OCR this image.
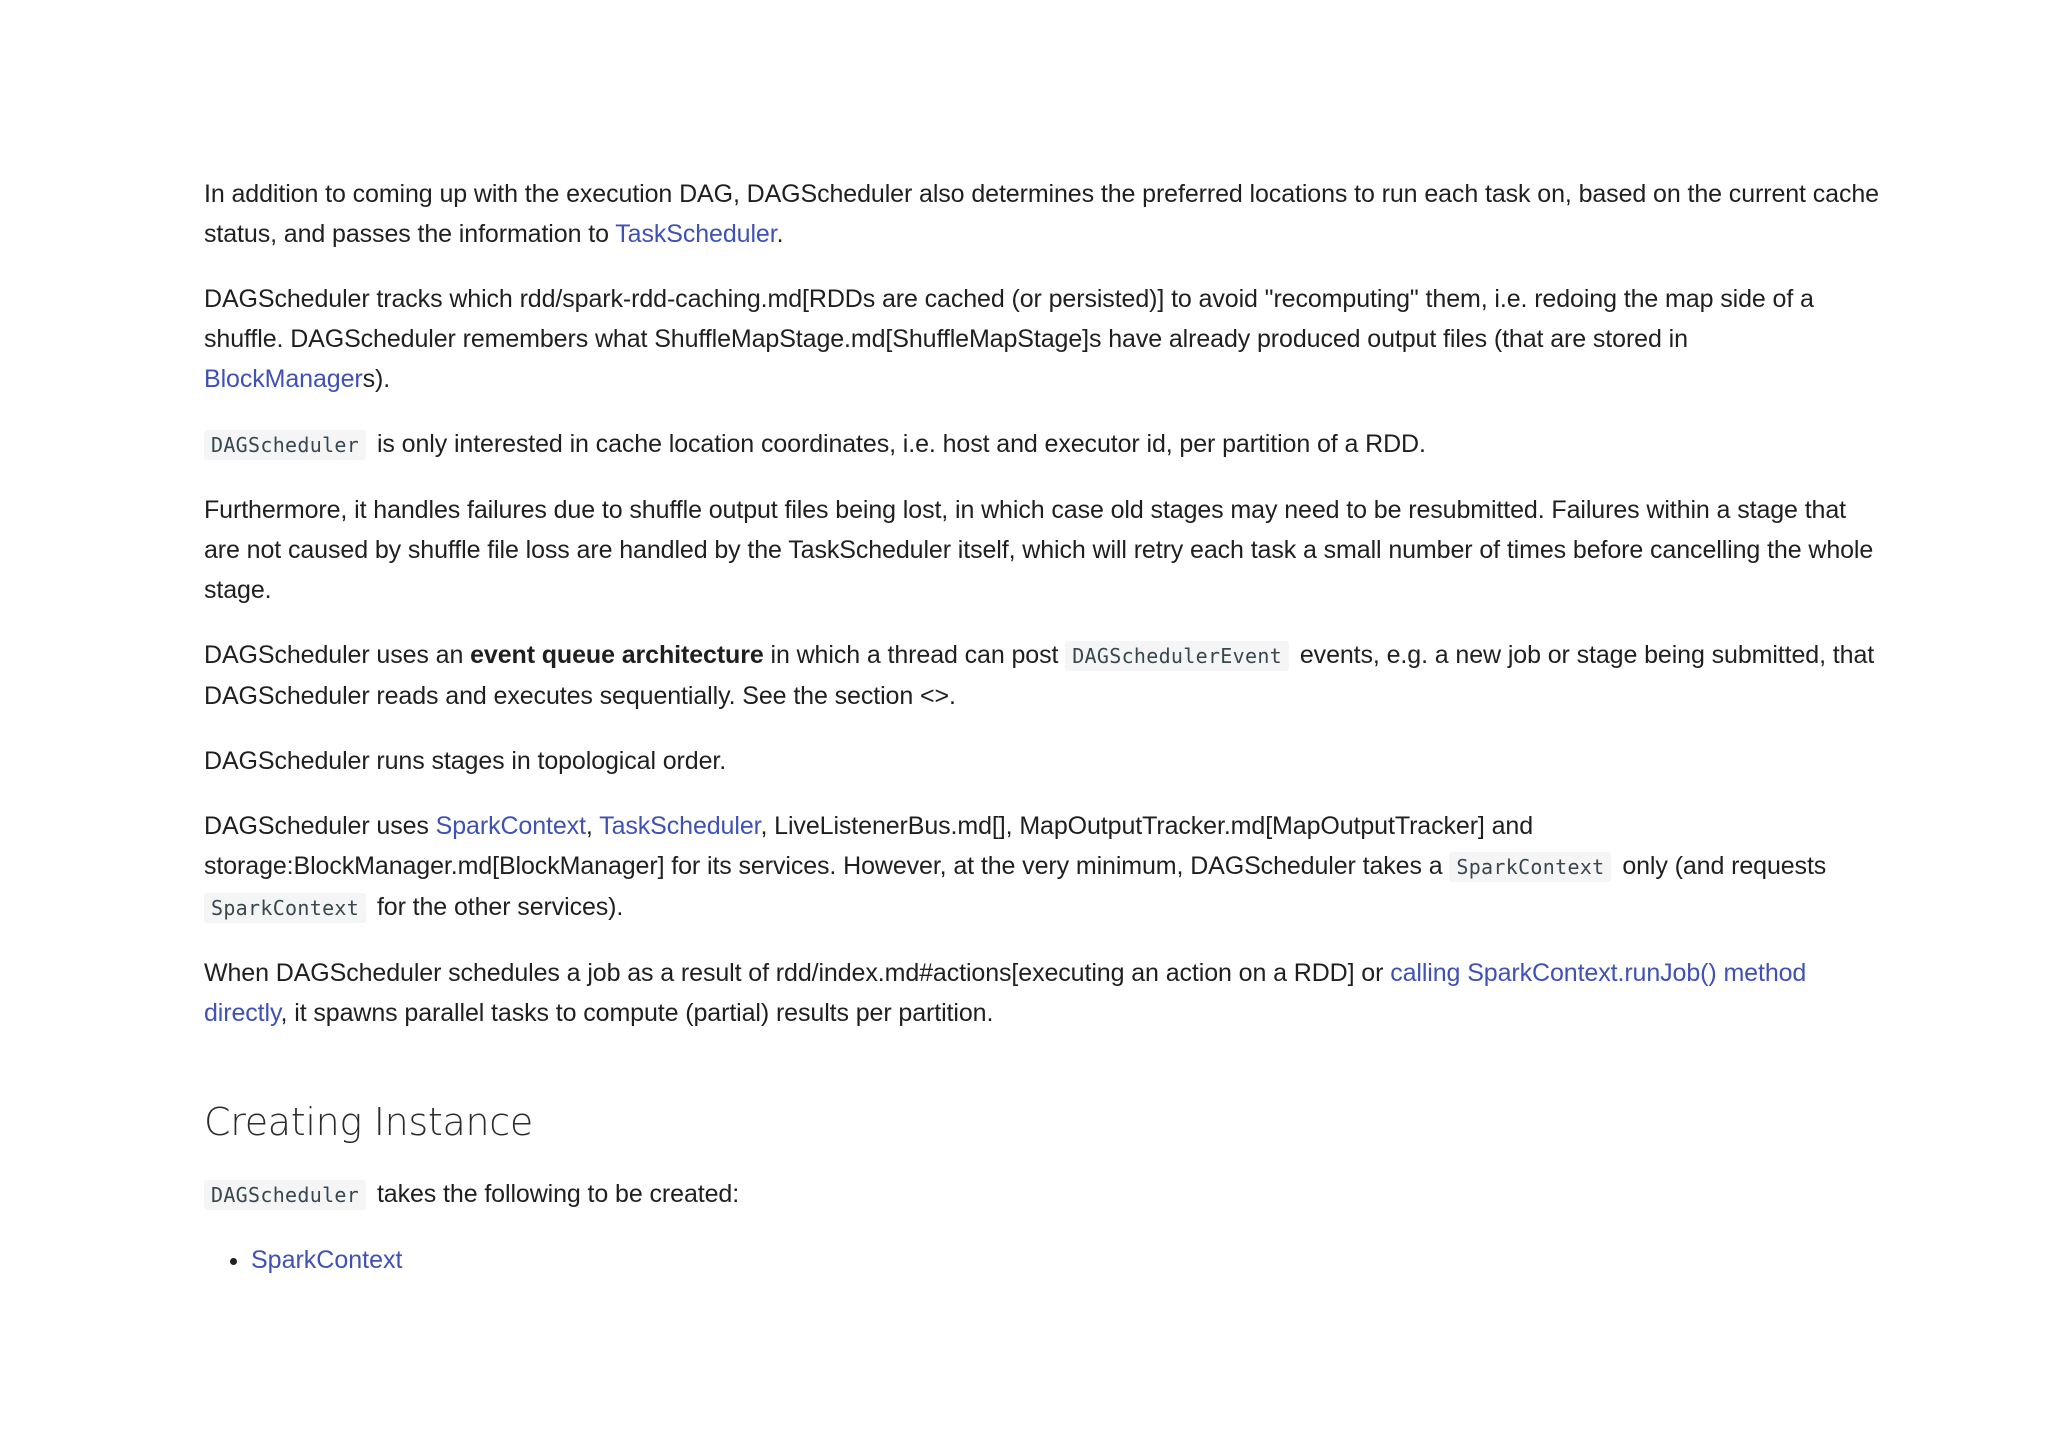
In addition to coming up with the execution DAG, DAGScheduler also determines the preferred locations to run each task on, based on the current cache status, and passes the information to TaskScheduler.

DAGScheduler tracks which rdd/spark-rdd-caching.md[RDDs are cached (or persisted)] to avoid "recomputing" them, i.e. redoing the map side of a shuffle. DAGScheduler remembers what ShuffleMapStage.md[ShuffleMapStage]s have already produced output files (that are stored in BlockManagers).

DAGScheduler is only interested in cache location coordinates, i.e. host and executor id, per partition of a RDD.

Furthermore, it handles failures due to shuffle output files being lost, in which case old stages may need to be resubmitted. Failures within a stage that are not caused by shuffle file loss are handled by the TaskScheduler itself, which will retry each task a small number of times before cancelling the whole stage.

DAGScheduler uses an event queue architecture in which a thread can post DAGSchedulerEvent events, e.g. a new job or stage being submitted, that DAGScheduler reads and executes sequentially. See the section <>.

DAGScheduler runs stages in topological order.

DAGScheduler uses SparkContext, TaskScheduler, LiveListenerBus.md[], MapOutputTracker.md[MapOutputTracker] and storage:BlockManager.md[BlockManager] for its services. However, at the very minimum, DAGScheduler takes a SparkContext only (and requests SparkContext for the other services).

When DAGScheduler schedules a job as a result of rdd/index.md#actions[executing an action on a RDD] or calling SparkContext.runJob() method directly, it spawns parallel tasks to compute (partial) results per partition.

Creating Instance

DAGScheduler takes the following to be created:

• SparkContext
